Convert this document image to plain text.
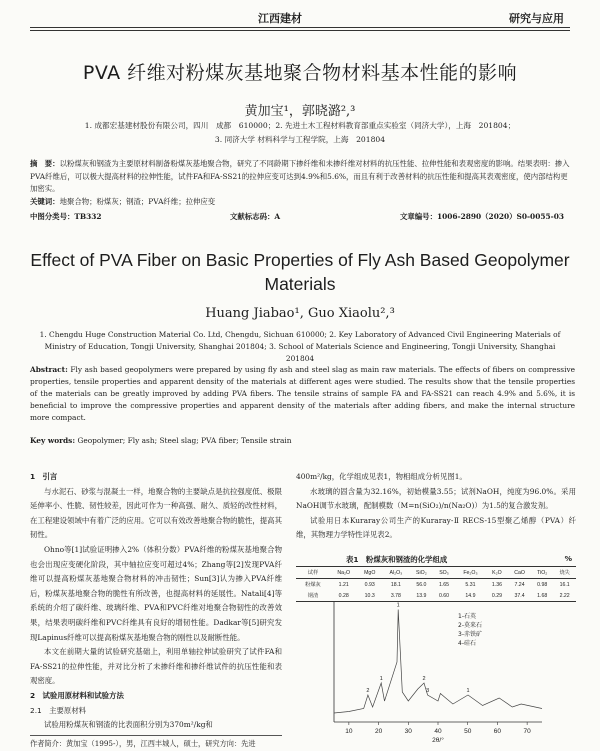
江西建材	研究与应用
PVA 纤维对粉煤灰基地聚合物材料基本性能的影响
黄加宝¹，郭晓潞²,³
1. 成都宏基建材股份有限公司，四川　成都　610000；2. 先进土木工程材料教育部重点实验室（同济大学），上海　201804；
3. 同济大学 材料科学与工程学院，上海　201804
摘　要：以粉煤灰和钢渣为主要原材料制备粉煤灰基地聚合物，研究了不同龄期下掺纤维和未掺纤维对材料的抗压性能、拉伸性能和表观密度的影响。结果表明：掺入PVA纤维后，可以极大提高材料的拉伸性能，试件FA和FA-SS21的拉伸应变可达到4.9%和5.6%，而且有利于改善材料的抗压性能和提高其表观密度，使内部结构更加密实。
关键词：地聚合物；粉煤灰；钢渣；PVA纤维；拉伸应变
中图分类号：TB332	文献标志码：A	文章编号：1006-2890（2020）S0-0055-03
Effect of PVA Fiber on Basic Properties of Fly Ash Based Geopolymer Materials
Huang Jiabao¹, Guo Xiaolu²,³
1. Chengdu Huge Construction Material Co. Ltd, Chengdu, Sichuan 610000; 2. Key Laboratory of Advanced Civil Engineering Materials of Ministry of Education, Tongji University, Shanghai 201804; 3. School of Materials Science and Engineering, Tongji University, Shanghai 201804
Abstract: Fly ash based geopolymers were prepared by using fly ash and steel slag as main raw materials. The effects of fibers on compressive properties, tensile properties and apparent density of the materials at different ages were studied. The results show that the tensile properties of the materials can be greatly improved by adding PVA fibers. The tensile strains of sample FA and FA-SS21 can reach 4.9% and 5.6%, it is beneficial to improve the compressive properties and apparent density of the materials after adding fibers, and make the internal structure more compact.
Key words: Geopolymer; Fly ash; Steel slag; PVA fiber; Tensile strain
1　引言
与水泥石、砂浆与混凝土一样，地聚合物的主要缺点是抗拉强度低、极限延伸率小、性脆、韧性较差，因此可作为一种高强、耐久、质轻的改性材料，在工程建设领域中有着广泛的应用。它可以有效改善地聚合物的脆性，提高其韧性。
Ohno等[1]试验证明掺入2%（体积分数）PVA纤维的粉煤灰基地聚合物也会出现应变硬化阶段，其中轴拉应变可超过4%；Zhang等[2]发现PVA纤维可以提高粉煤灰基地聚合物材料的冲击韧性；Sun[3]认为掺入PVA纤维后，粉煤灰基地聚合物的脆性有所改善，也提高材料的延展性。Natali[4]等系统的介绍了碳纤维、玻璃纤维、PVA和PVC纤维对地聚合物韧性的改善效果，结果表明碳纤维和PVC纤维具有良好的增韧性能。Dadkar等[5]研究发现Lapinus纤维可以提高粉煤灰基地聚合物的刚性以及耐断性能。
本文在前期大量的试验研究基础上，利用单轴拉伸试验研究了试件FA和FA-SS21的拉伸性能，并对比分析了未掺纤维和掺纤维试件的抗压性能和表观密度。
2　试验用原材料和试验方法
2.1　主要原材料
试验用粉煤灰和钢渣的比表面积分别为370m²/kg和
作者简介：黄加宝（1995-），男，江西丰城人，硕士，研究方向：先进
400m²/kg，化学组成见表1，物相组成分析见图1。
水玻璃的固含量为32.16%，初始模量3.55；试剂NaOH，纯度为96.0%。采用NaOH调节水玻璃，配制模数（M=n(SiO₂)/n(Na₂O)）为1.5的复合激发剂。
试验用日本Kuraray公司生产的Kuraray-Ⅱ RECS-15型聚乙烯醇（PVA）纤维，其物理力学特性详见表2。
表1　粉煤灰和钢渣的化学组成	%
试样	Na₂O	MgO	Al₂O₃	SiO₂	SO₃	Fe₂O₃	K₂O	CaO	TiO₂	烧失
粉煤灰	1.21	0.93	18.1	56.0	1.65	5.31	1.36	7.24	0.98	16.1
钢渣	0.28	10.3	3.78	13.9	0.60	14.9	0.29	37.4	1.68	2.22
10	20	30	40	50	60	70
2θ/°
1-石英
2-莫来石
3-赤铁矿
4-硅石
2
1
1
2
3	1
